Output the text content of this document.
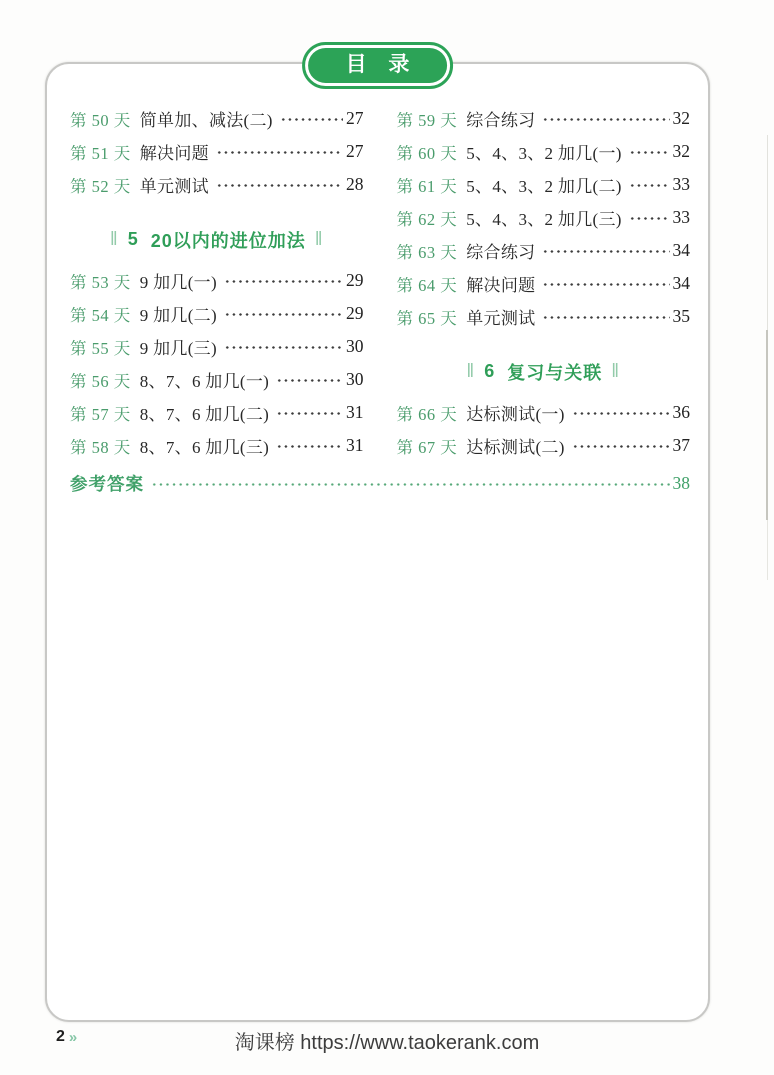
目 录
第 50 天 简单加、减法(二)	27
第 51 天 解决问题	27
第 52 天 单元测试	28
‖ 5 20以内的进位加法 ‖
第 53 天 9 加几(一)	29
第 54 天 9 加几(二)	29
第 55 天 9 加几(三)	30
第 56 天 8、7、6 加几(一)	30
第 57 天 8、7、6 加几(二)	31
第 58 天 8、7、6 加几(三)	31
第 59 天 综合练习	32
第 60 天 5、4、3、2 加几(一)	32
第 61 天 5、4、3、2 加几(二)	33
第 62 天 5、4、3、2 加几(三)	33
第 63 天 综合练习	34
第 64 天 解决问题	34
第 65 天 单元测试	35
‖ 6 复习与关联 ‖
第 66 天 达标测试(一)	36
第 67 天 达标测试(二)	37
参考答案	38
2 »	淘课榜 https://www.taokerank.com
